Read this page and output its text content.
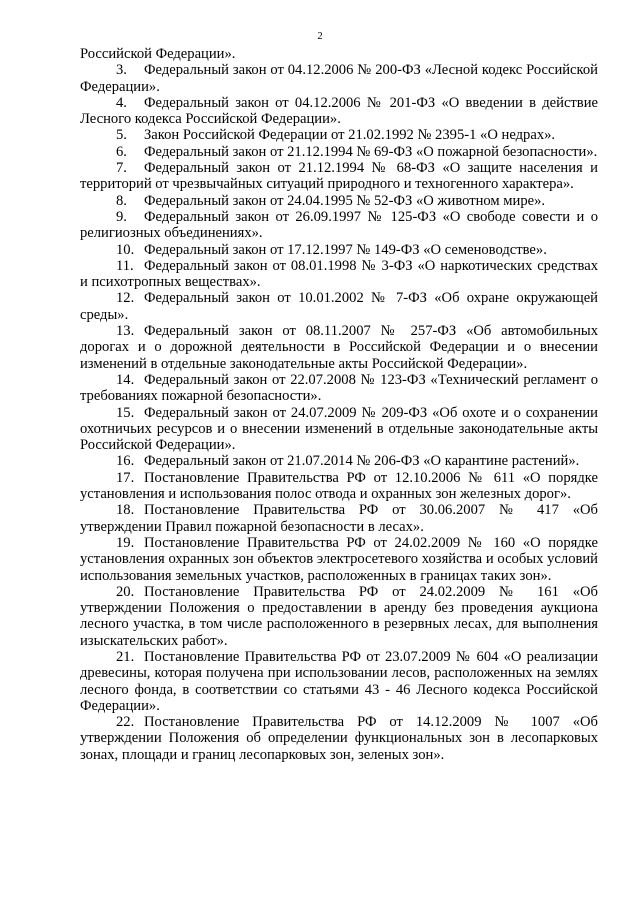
2

Российской Федерации».

3. Федеральный закон от 04.12.2006 № 200-ФЗ «Лесной кодекс Российской Федерации».

4. Федеральный закон от 04.12.2006 № 201-ФЗ «О введении в действие Лесного кодекса Российской Федерации».

5. Закон Российской Федерации от 21.02.1992 № 2395-1 «О недрах».

6. Федеральный закон от 21.12.1994 № 69-ФЗ «О пожарной безопасности».

7. Федеральный закон от 21.12.1994 № 68-ФЗ «О защите населения и территорий от чрезвычайных ситуаций природного и техногенного характера».

8. Федеральный закон от 24.04.1995 № 52-ФЗ «О животном мире».

9. Федеральный закон от 26.09.1997 № 125-ФЗ «О свободе совести и о религиозных объединениях».

10. Федеральный закон от 17.12.1997 № 149-ФЗ «О семеноводстве».

11. Федеральный закон от 08.01.1998 № 3-ФЗ «О наркотических средствах и психотропных веществах».

12. Федеральный закон от 10.01.2002 № 7-ФЗ «Об охране окружающей среды».

13. Федеральный закон от 08.11.2007 № 257-ФЗ «Об автомобильных дорогах и о дорожной деятельности в Российской Федерации и о внесении изменений в отдельные законодательные акты Российской Федерации».

14. Федеральный закон от 22.07.2008 № 123-ФЗ «Технический регламент о требованиях пожарной безопасности».

15. Федеральный закон от 24.07.2009 № 209-ФЗ «Об охоте и о сохранении охотничьих ресурсов и о внесении изменений в отдельные законодательные акты Российской Федерации».

16. Федеральный закон от 21.07.2014 № 206-ФЗ «О карантине растений».

17. Постановление Правительства РФ от 12.10.2006 № 611 «О порядке установления и использования полос отвода и охранных зон железных дорог».

18. Постановление Правительства РФ от 30.06.2007 № 417 «Об утверждении Правил пожарной безопасности в лесах».

19. Постановление Правительства РФ от 24.02.2009 № 160 «О порядке установления охранных зон объектов электросетевого хозяйства и особых условий использования земельных участков, расположенных в границах таких зон».

20. Постановление Правительства РФ от 24.02.2009 № 161 «Об утверждении Положения о предоставлении в аренду без проведения аукциона лесного участка, в том числе расположенного в резервных лесах, для выполнения изыскательских работ».

21. Постановление Правительства РФ от 23.07.2009 № 604 «О реализации древесины, которая получена при использовании лесов, расположенных на землях лесного фонда, в соответствии со статьями 43 - 46 Лесного кодекса Российской Федерации».

22. Постановление Правительства РФ от 14.12.2009 № 1007 «Об утверждении Положения об определении функциональных зон в лесопарковых зонах, площади и границ лесопарковых зон, зеленых зон».
